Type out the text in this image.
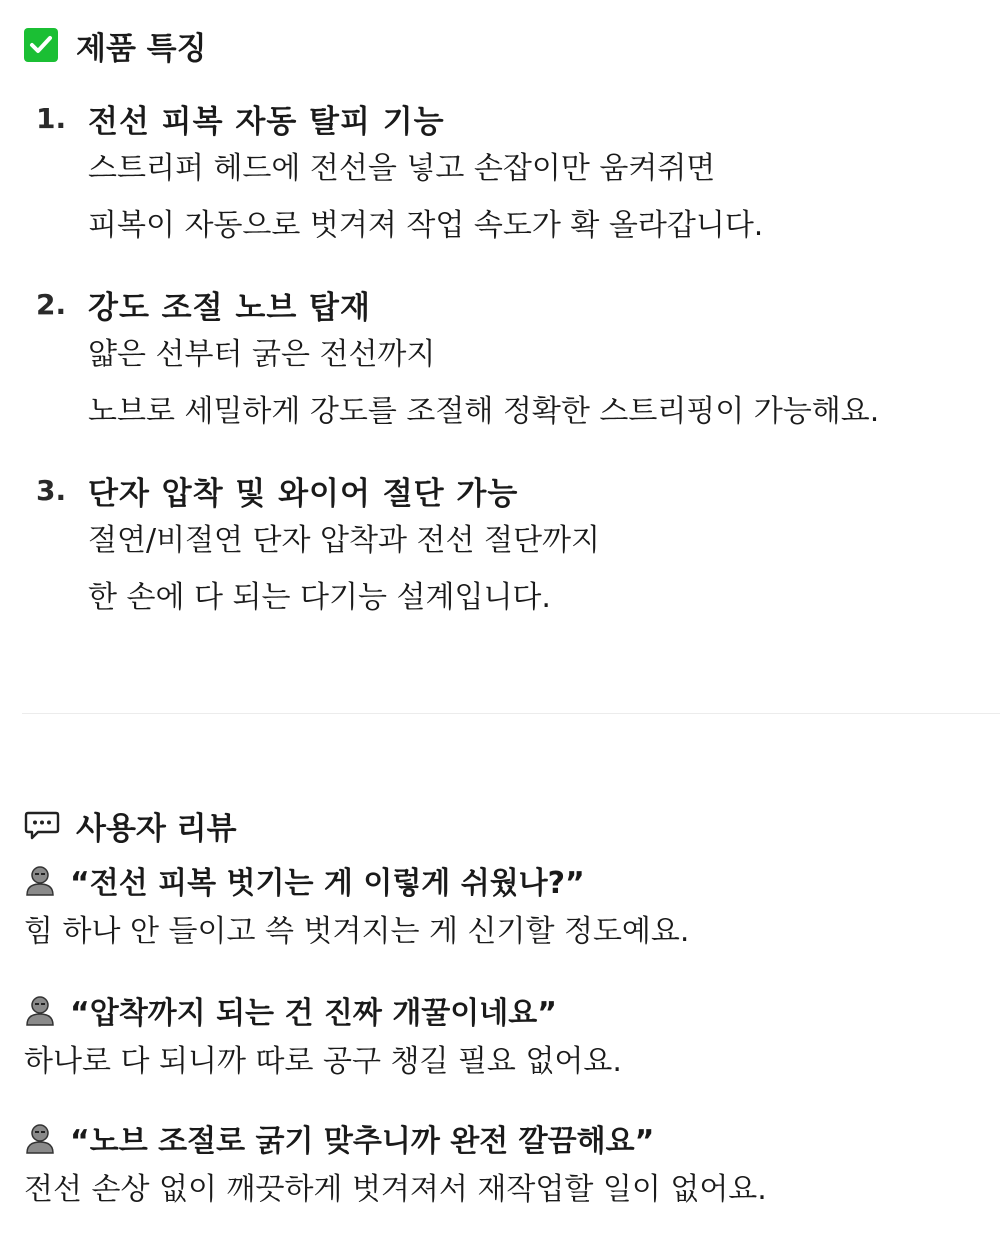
제품 특징
1. 전선 피복 자동 탈피 기능
스트리퍼 헤드에 전선을 넣고 손잡이만 움켜쥐면
피복이 자동으로 벗겨져 작업 속도가 확 올라갑니다.
2. 강도 조절 노브 탑재
얇은 선부터 굵은 전선까지
노브로 세밀하게 강도를 조절해 정확한 스트리핑이 가능해요.
3. 단자 압착 및 와이어 절단 가능
절연/비절연 단자 압착과 전선 절단까지
한 손에 다 되는 다기능 설계입니다.
사용자 리뷰
“전선 피복 벗기는 게 이렇게 쉬웠나?”
힘 하나 안 들이고 쓱 벗겨지는 게 신기할 정도예요.
“압착까지 되는 건 진짜 개꿀이네요”
하나로 다 되니까 따로 공구 챙길 필요 없어요.
“노브 조절로 굵기 맞추니까 완전 깔끔해요”
전선 손상 없이 깨끗하게 벗겨져서 재작업할 일이 없어요.
